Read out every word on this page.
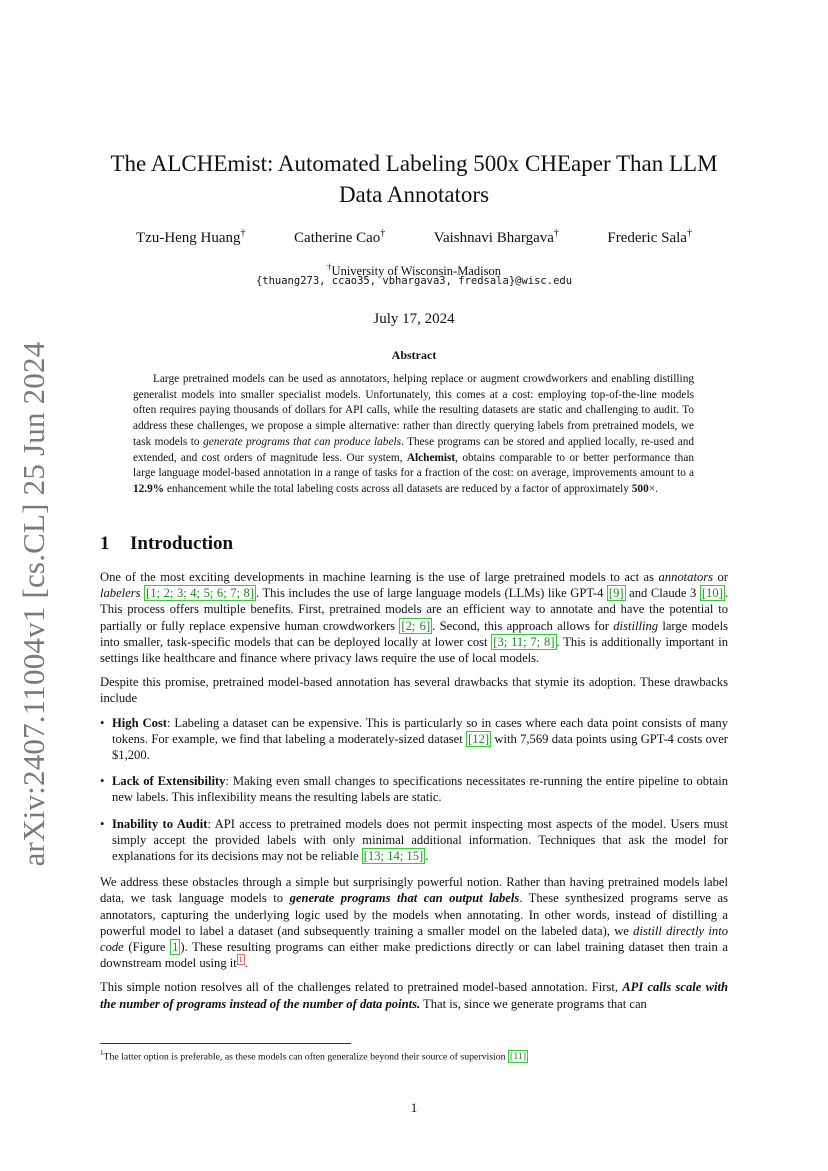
arXiv:2407.11004v1 [cs.CL] 25 Jun 2024
The ALCHEmist: Automated Labeling 500x CHEaper Than LLM Data Annotators
Tzu-Heng Huang†	Catherine Cao†	Vaishnavi Bhargava†	Frederic Sala†
†University of Wisconsin-Madison
{thuang273, ccao35, vbhargava3, fredsala}@wisc.edu
July 17, 2024
Abstract
Large pretrained models can be used as annotators, helping replace or augment crowdworkers and enabling distilling generalist models into smaller specialist models. Unfortunately, this comes at a cost: employing top-of-the-line models often requires paying thousands of dollars for API calls, while the resulting datasets are static and challenging to audit. To address these challenges, we propose a simple alternative: rather than directly querying labels from pretrained models, we task models to generate programs that can produce labels. These programs can be stored and applied locally, re-used and extended, and cost orders of magnitude less. Our system, Alchemist, obtains comparable to or better performance than large language model-based annotation in a range of tasks for a fraction of the cost: on average, improvements amount to a 12.9% enhancement while the total labeling costs across all datasets are reduced by a factor of approximately 500×.
1 Introduction

One of the most exciting developments in machine learning is the use of large pretrained models to act as annotators or labelers [1; 2; 3; 4; 5; 6; 7; 8] . This includes the use of large language models (LLMs) like GPT-4 [9] and Claude 3 [10] . This process offers multiple benefits. First, pretrained models are an efficient way to annotate and have the potential to partially or fully replace expensive human crowdworkers [2; 6] . Second, this approach allows for distilling large models into smaller, task-specific models that can be deployed locally at lower cost [3; 11; 7; 8] . This is additionally important in settings like healthcare and finance where privacy laws require the use of local models.

Despite this promise, pretrained model-based annotation has several drawbacks that stymie its adoption. These drawbacks include

• High Cost: Labeling a dataset can be expensive. This is particularly so in cases where each data point consists of many tokens. For example, we find that labeling a moderately-sized dataset [12] with 7,569 data points using GPT-4 costs over $1,200.
• Lack of Extensibility: Making even small changes to specifications necessitates re-running the entire pipeline to obtain new labels. This inflexibility means the resulting labels are static.
• Inability to Audit: API access to pretrained models does not permit inspecting most aspects of the model. Users must simply accept the provided labels with only minimal additional information. Techniques that ask the model for explanations for its decisions may not be reliable [13; 14; 15] .

We address these obstacles through a simple but surprisingly powerful notion. Rather than having pretrained models label data, we task language models to generate programs that can output labels. These synthesized programs serve as annotators, capturing the underlying logic used by the models when annotating. In other words, instead of distilling a powerful model to label a dataset (and subsequently training a smaller model on the labeled data), we distill directly into code (Figure 1 ). These resulting programs can either make predictions directly or can label training dataset then train a downstream model using it $^1$ .

This simple notion resolves all of the challenges related to pretrained model-based annotation. First, API calls scale with the number of programs instead of the number of data points. That is, since we generate programs that can

$^1$The latter option is preferable, as these models can often generalize beyond their source of supervision [11]
1
